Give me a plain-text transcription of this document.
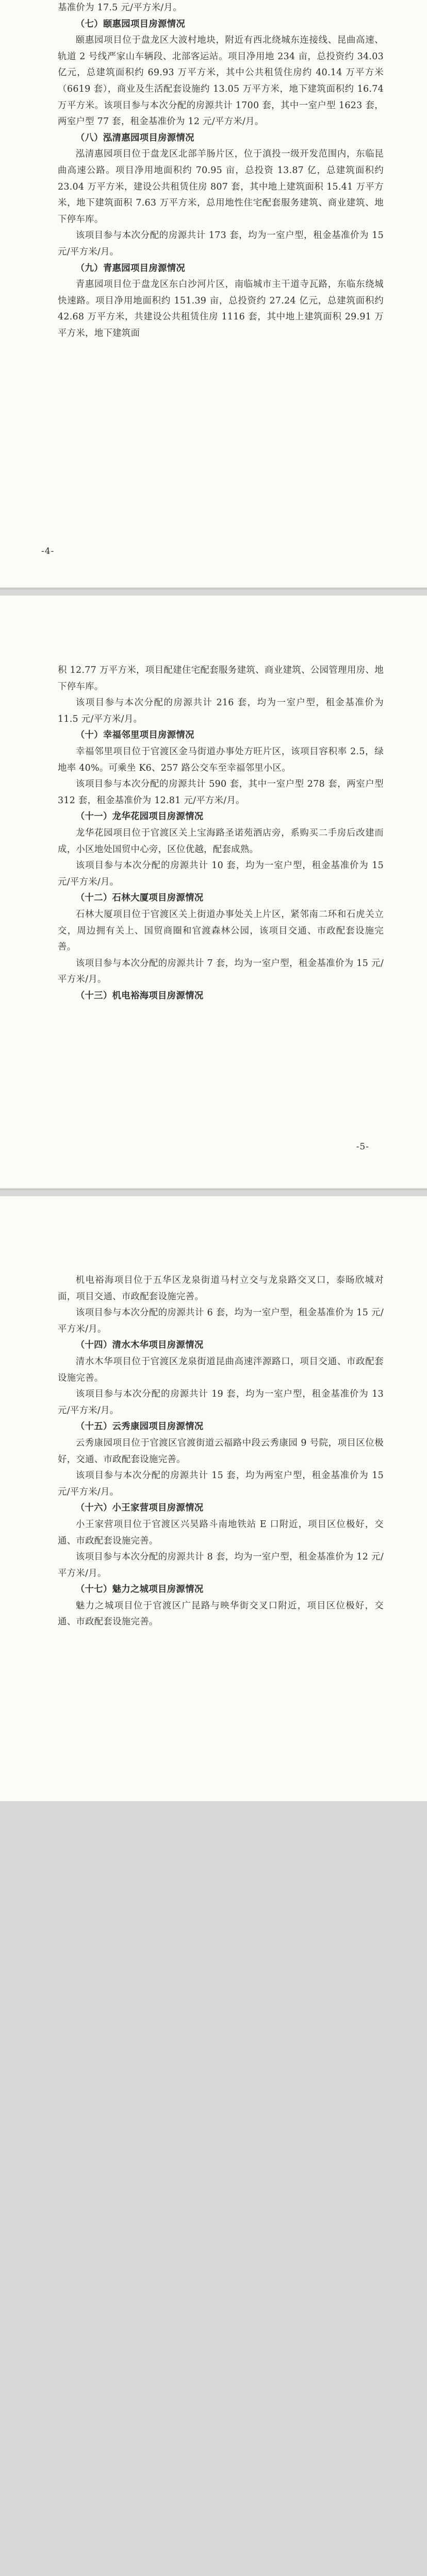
基准价为 17.5 元/平方米/月。

（七）颐惠园项目房源情况

颐惠园项目位于盘龙区大波村地块，附近有西北绕城东连接线、昆曲高速、轨道 2 号线严家山车辆段、北部客运站。项目净用地 234 亩，总投资约 34.03 亿元，总建筑面积约 69.93 万平方米，其中公共租赁住房约 40.14 万平方米（6619 套），商业及生活配套设施约 13.05 万平方米，地下建筑面积约 16.74 万平方米。该项目参与本次分配的房源共计 1700 套，其中一室户型 1623 套，两室户型 77 套，租金基准价为 12 元/平方米/月。

（八）泓清惠园项目房源情况

泓清惠园项目位于盘龙区北部羊肠片区，位于滇投一级开发范围内，东临昆曲高速公路。项目净用地面积约 70.95 亩，总投资 13.87 亿，总建筑面积约 23.04 万平方米，建设公共租赁住房 807 套，其中地上建筑面积 15.41 万平方米，地下建筑面积 7.63 万平方米，总用地性住宅配套服务建筑、商业建筑、地下停车库。

该项目参与本次分配的房源共计 173 套，均为一室户型，租金基准价为 15 元/平方米/月。

（九）青惠园项目房源情况

青惠园项目位于盘龙区东白沙河片区，南临城市主干道寺瓦路，东临东绕城快速路。项目净用地面积约 151.39 亩，总投资约 27.24 亿元，总建筑面积约 42.68 万平方米，共建设公共租赁住房 1116 套，其中地上建筑面积 29.91 万平方米，地下建筑面

-4-

积 12.77 万平方米，项目配建住宅配套服务建筑、商业建筑、公园管理用房、地下停车库。

该项目参与本次分配的房源共计 216 套，均为一室户型，租金基准价为 11.5 元/平方米/月。

（十）幸福邻里项目房源情况

幸福邻里项目位于官渡区金马街道办事处方旺片区，该项目容积率 2.5，绿地率 40%。可乘坐 K6、257 路公交车至幸福邻里小区。

该项目参与本次分配的房源共计 590 套，其中一室户型 278 套，两室户型 312 套，租金基准价为 12.81 元/平方米/月。

（十一）龙华花园项目房源情况

龙华花园项目位于官渡区关上宝海路圣诺苑酒店旁，系购买二手房后改建而成，小区地处国贸中心旁，区位优越，配套成熟。

该项目参与本次分配的房源共计 10 套，均为一室户型，租金基准价为 15 元/平方米/月。

（十二）石林大厦项目房源情况

石林大厦项目位于官渡区关上街道办事处关上片区，紧邻南二环和石虎关立交，周边拥有关上、国贸商圈和官渡森林公园，该项目交通、市政配套设施完善。

该项目参与本次分配的房源共计 7 套，均为一室户型，租金基准价为 15 元/平方米/月。

（十三）机电裕海项目房源情况

-5-

机电裕海项目位于五华区龙泉街道马村立交与龙泉路交叉口，泰旸欣城对面，项目交通、市政配套设施完善。

该项目参与本次分配的房源共计 6 套，均为一室户型，租金基准价为 15 元/平方米/月。

（十四）清水木华项目房源情况

清水木华项目位于官渡区龙泉街道昆曲高速泮源路口，项目交通、市政配套设施完善。

该项目参与本次分配的房源共计 19 套，均为一室户型，租金基准价为 13 元/平方米/月。

（十五）云秀康园项目房源情况

云秀康园项目位于官渡区官渡街道云福路中段云秀康园 9 号院，项目区位极好，交通、市政配套设施完善。

该项目参与本次分配的房源共计 15 套，均为两室户型，租金基准价为 15 元/平方米/月。

（十六）小王家营项目房源情况

小王家营项目位于官渡区兴昊路斗南地铁站 E 口附近，项目区位极好，交通、市政配套设施完善。

该项目参与本次分配的房源共计 8 套，均为一室户型，租金基准价为 12 元/平方米/月。

（十七）魅力之城项目房源情况

魅力之城项目位于官渡区广昆路与映华街交叉口附近，项目区位极好，交通、市政配套设施完善。
